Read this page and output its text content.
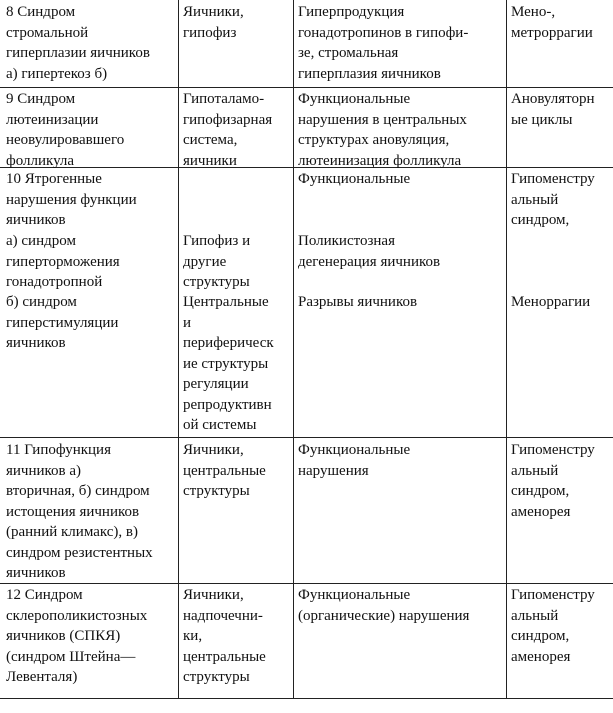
8 Синдром
стромальной
гиперплазии яичников
а) гипертекоз б)
Яичники,
гипофиз
Гиперпродукция
гонадотропинов в гипофи-
зе, стромальная
гиперплазия яичников
Мено-,
метроррагии
9 Синдром
лютеинизации
неовулировавшего
фолликула
Гипоталамо-
гипофизарная
система,
яичники
Функциональные
нарушения в центральных
структурах ановуляция,
лютеинизация фолликула
Ановуляторн
ые циклы
10 Ятрогенные
нарушения функции
яичников
а) синдром
гиперторможения
гонадотропной
б) синдром
гиперстимуляции
яичников
Гипофиз и
другие
структуры
Центральные
и
периферическ
ие структуры
регуляции
репродуктивн
ой системы
Функциональные
Поликистозная
дегенерация яичников
Разрывы яичников
Гипоменстру
альный
синдром,
Меноррагии
11 Гипофункция
яичников а)
вторичная, б) синдром
истощения яичников
(ранний климакс), в)
синдром резистентных
яичников
Яичники,
центральные
структуры
Функциональные
нарушения
Гипоменстру
альный
синдром,
аменорея
12 Синдром
склерополикистозных
яичников (СПКЯ)
(синдром Штейна—
Левенталя)
Яичники,
надпочечни-
ки,
центральные
структуры
Функциональные
(органические) нарушения
Гипоменстру
альный
синдром,
аменорея
